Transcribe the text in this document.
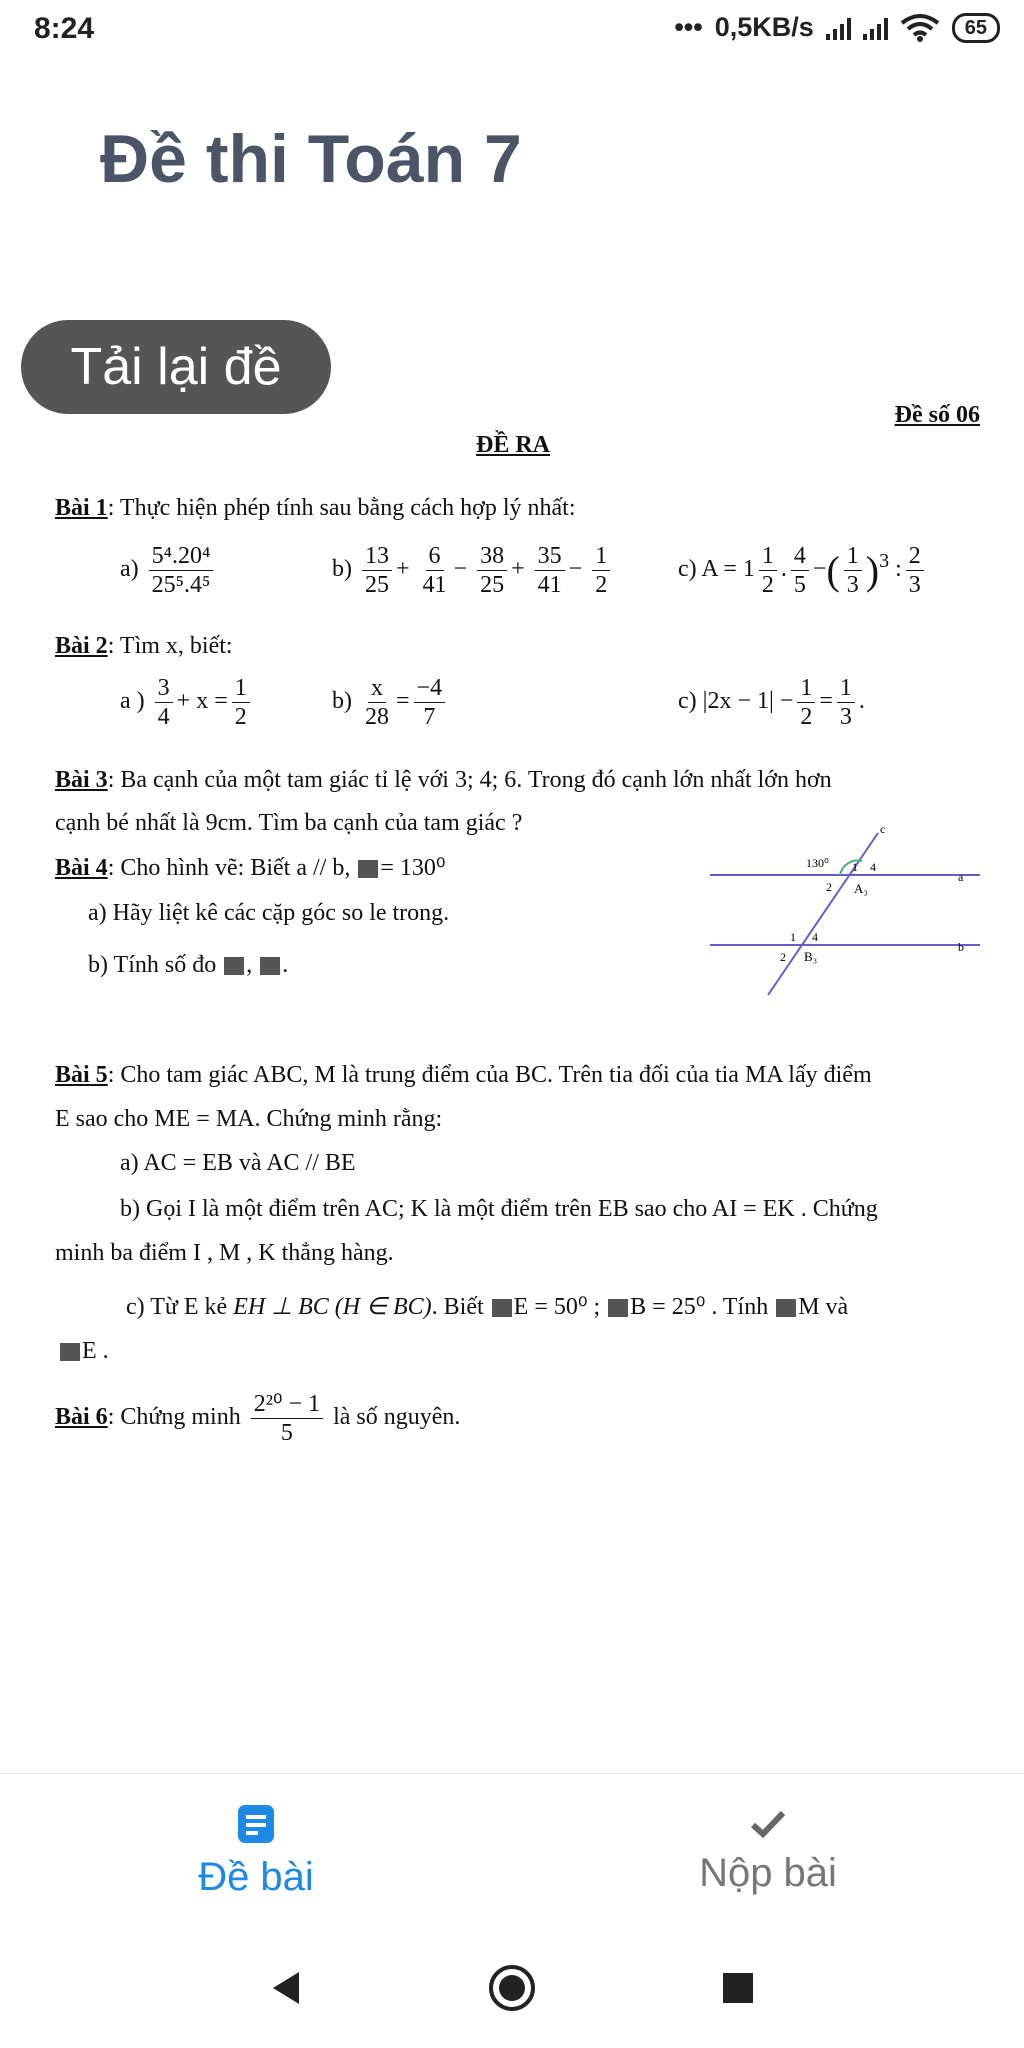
8:24	••• 0,5KB/s	65
Đề thi Toán 7
Tải lại đề
Đề số 06
ĐỀ RA
Bài 1: Thực hiện phép tính sau bằng cách hợp lý nhất:
$a) \frac{\text{5⁴.20⁴}}{\text{25⁵.4⁵}}$	$b) \frac{13}{25} + \frac{6}{41} - \frac{38}{25} + \frac{35}{41} - \frac{1}{2}$	c) $A = 1 \frac{1}{2}$ . $\frac{4}{5}$ −( $\frac{1}{3} )^3$ : $\frac{2}{3}$
Bài 2: Tìm x, biết:
a ) $\frac{3}{4} + x = \frac{1}{2}$	$b) \frac{x}{28} = \frac{-4}{7}$	c) $|2x - 1| - \frac{1}{2} = \frac{1}{3}$ .
Bài 3: Ba cạnh của một tam giác tỉ lệ với 3; 4; 6. Trong đó cạnh lớn nhất lớn hơn
cạnh bé nhất là 9cm. Tìm ba cạnh của tam giác ?
Bài 4: Cho hình vẽ: Biết a // b, = 130⁰
a) Hãy liệt kê các cặp góc so le trong.
b) Tính số đo , .
c
a
b
130⁰ 1 4
2 A₃
1 4
2 B₃
Bài 5: Cho tam giác ABC, M là trung điểm của BC. Trên tia đối của tia MA lấy điểm
E sao cho ME = MA. Chứng minh rằng:
a) AC = EB và AC // BE
b) Gọi I là một điểm trên AC; K là một điểm trên EB sao cho AI = EK . Chứng
minh ba điểm I , M , K thẳng hàng.
c) Từ E kẻ EH ⊥ BC (H ∈ BC). Biết E = 50⁰ ; B = 25⁰ . Tính M và
E .
Bài 6: Chứng minh $\frac{\text{2²⁰ − 1}}{5}$ là số nguyên.
Đề bài	Nộp bài
